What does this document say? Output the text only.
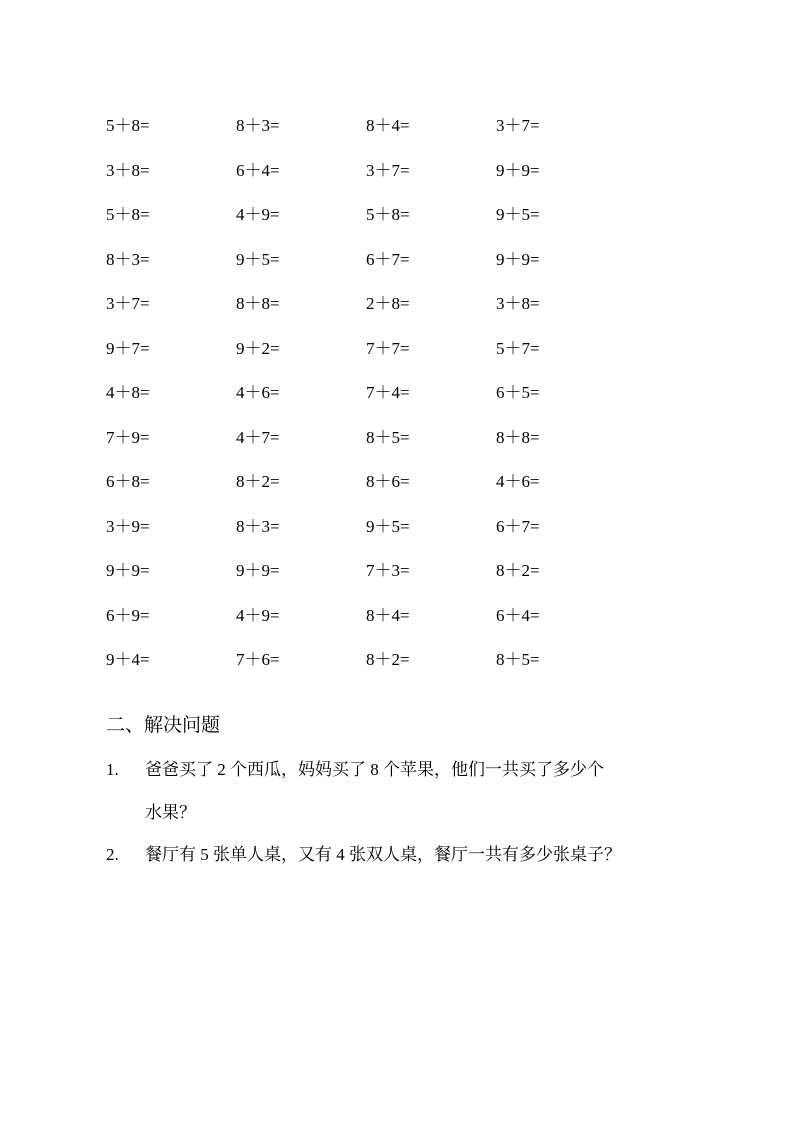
5＋8=	8＋3=	8＋4=	3＋7=
3＋8=	6＋4=	3＋7=	9＋9=
5＋8=	4＋9=	5＋8=	9＋5=
8＋3=	9＋5=	6＋7=	9＋9=
3＋7=	8＋8=	2＋8=	3＋8=
9＋7=	9＋2=	7＋7=	5＋7=
4＋8=	4＋6=	7＋4=	6＋5=
7＋9=	4＋7=	8＋5=	8＋8=
6＋8=	8＋2=	8＋6=	4＋6=
3＋9=	8＋3=	9＋5=	6＋7=
9＋9=	9＋9=	7＋3=	8＋2=
6＋9=	4＋9=	8＋4=	6＋4=
9＋4=	7＋6=	8＋2=	8＋5=
二、解决问题
1. 爸爸买了 2 个西瓜，妈妈买了 8 个苹果，他们一共买了多少个
水果？
2. 餐厅有 5 张单人桌，又有 4 张双人桌，餐厅一共有多少张桌子？
